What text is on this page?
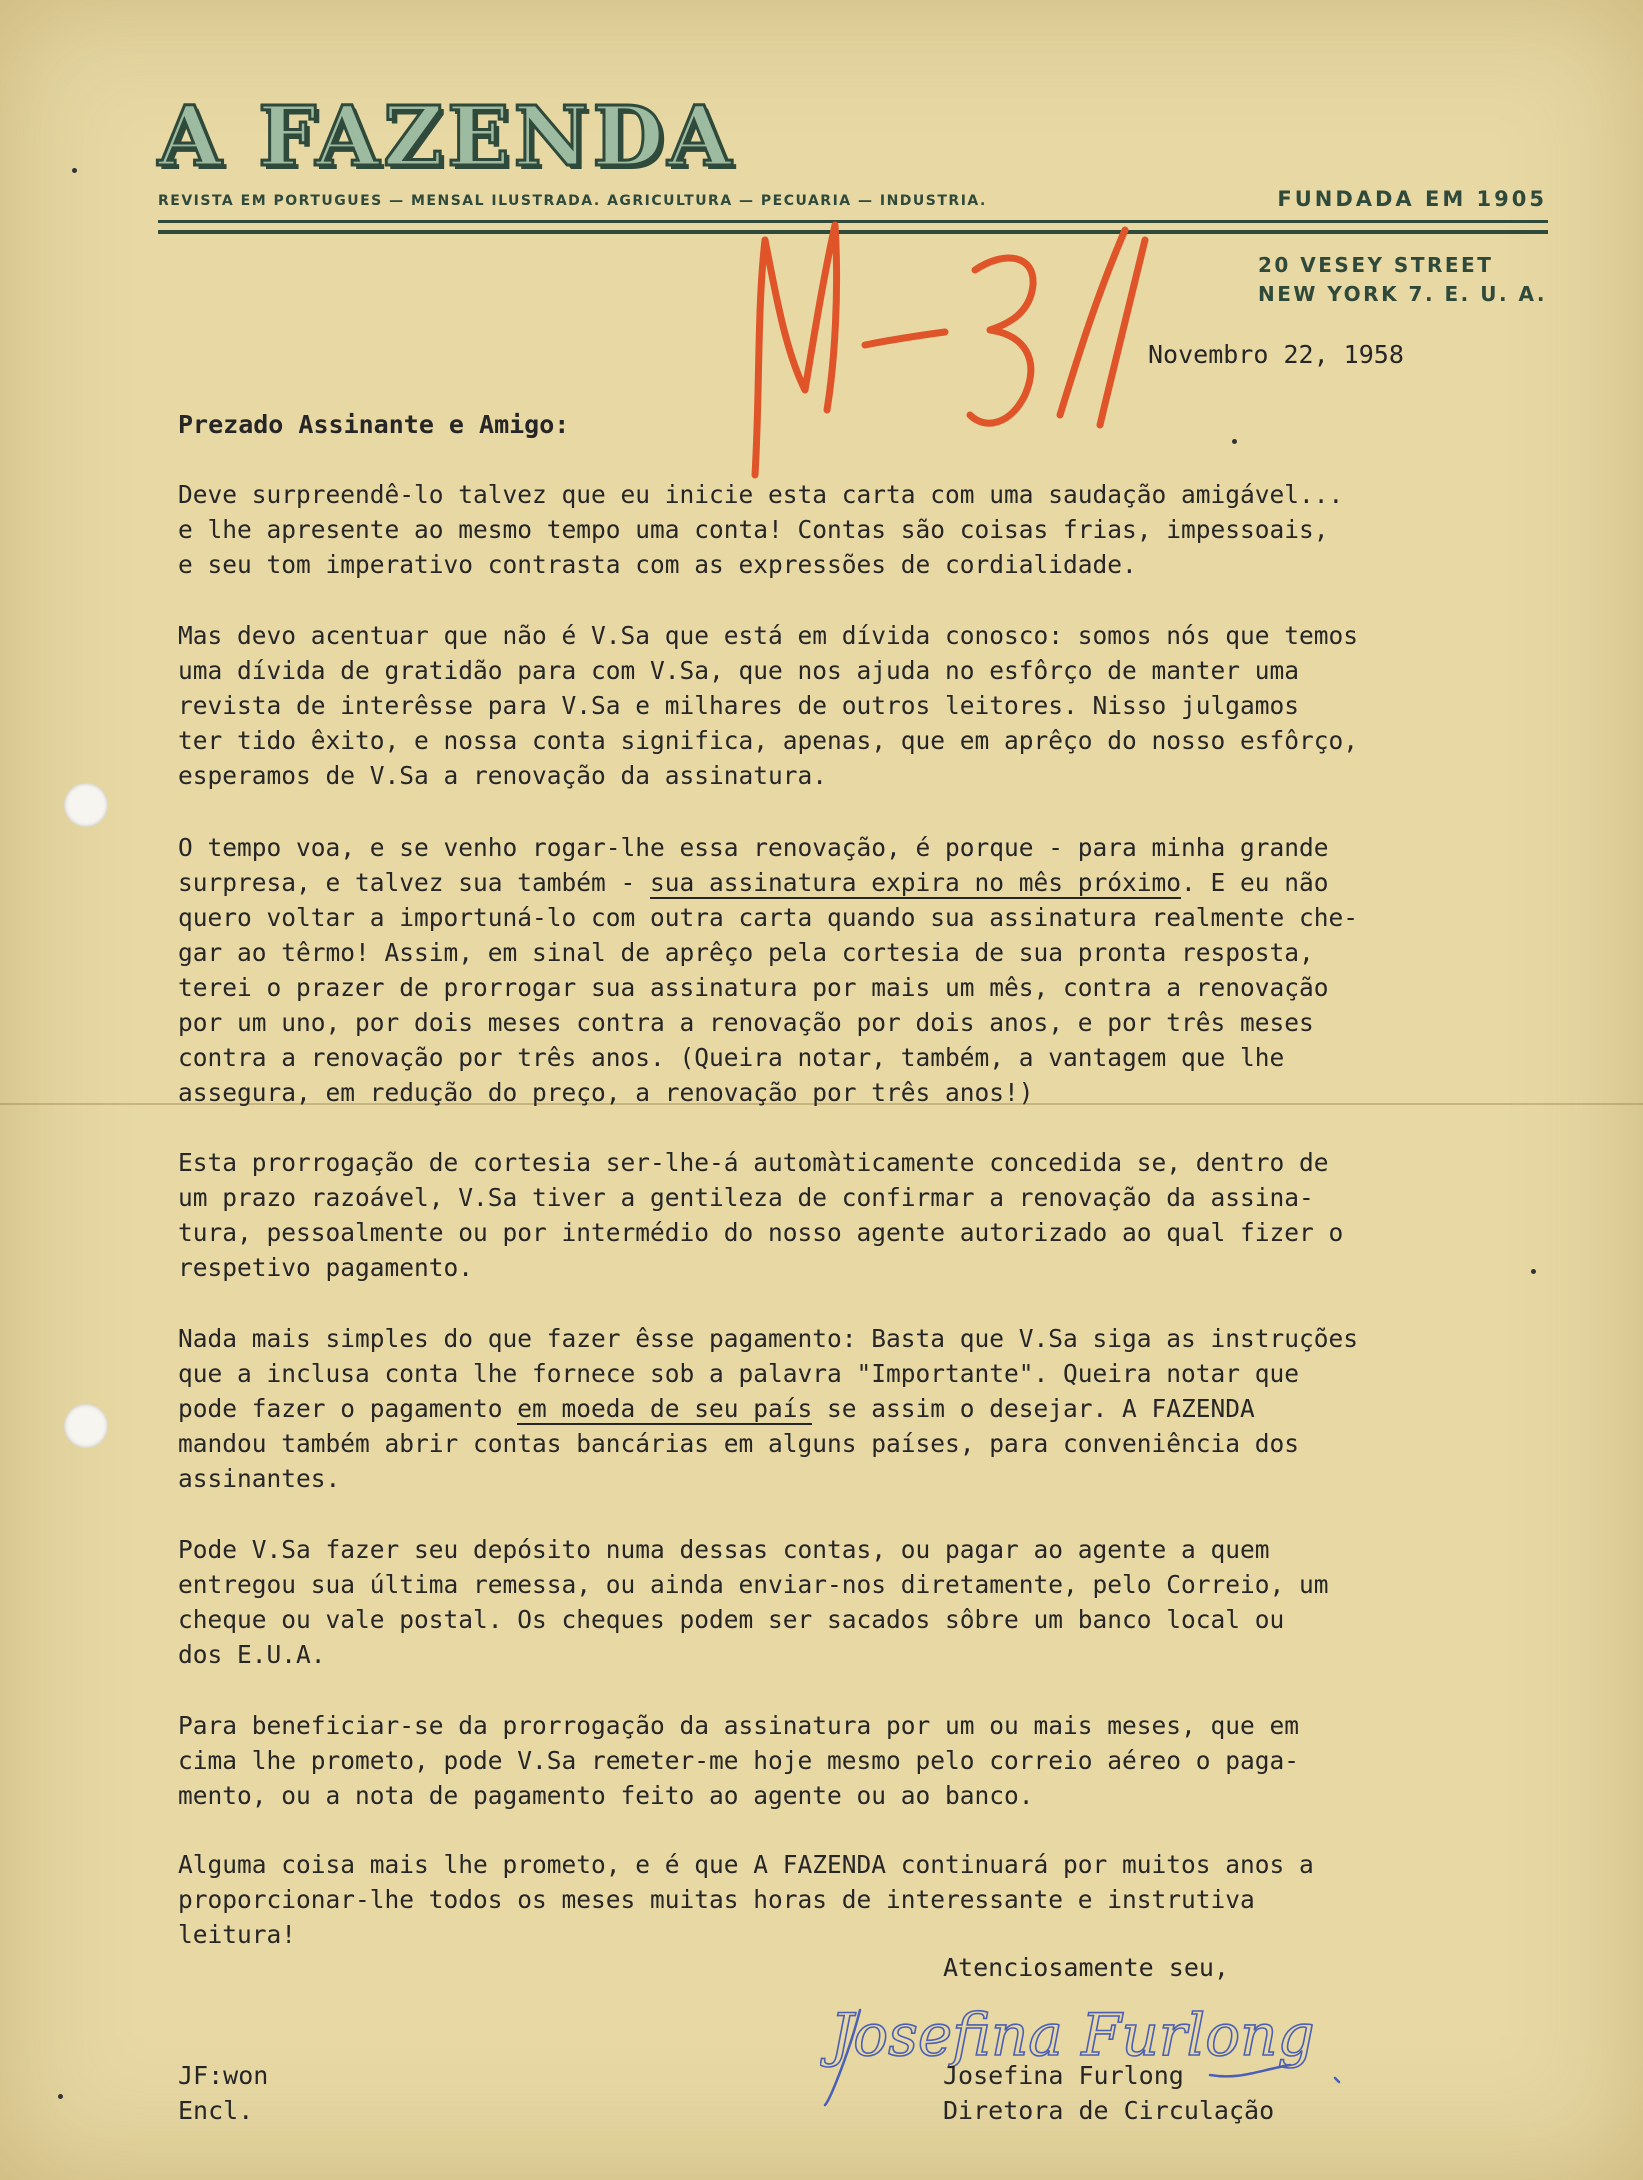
A FAZENDA
REVISTA EM PORTUGUES — MENSAL ILUSTRADA. AGRICULTURA — PECUARIA — INDUSTRIA.	FUNDADA EM 1905
20 VESEY STREET
NEW YORK 7. E. U. A.
M-3/1
Novembro 22, 1958
Prezado Assinante e Amigo:
Deve surpreendê-lo talvez que eu inicie esta carta com uma saudação amigável...
e lhe apresente ao mesmo tempo uma conta! Contas são coisas frias, impessoais,
e seu tom imperativo contrasta com as expressões de cordialidade.
Mas devo acentuar que não é V.Sa que está em dívida conosco: somos nós que temos
uma dívida de gratidão para com V.Sa, que nos ajuda no esfôrço de manter uma
revista de interêsse para V.Sa e milhares de outros leitores. Nisso julgamos
ter tido êxito, e nossa conta significa, apenas, que em aprêço do nosso esfôrço,
esperamos de V.Sa a renovação da assinatura.
O tempo voa, e se venho rogar-lhe essa renovação, é porque - para minha grande
surpresa, e talvez sua também - sua assinatura expira no mês próximo. E eu não
quero voltar a importuná-lo com outra carta quando sua assinatura realmente che-
gar ao têrmo! Assim, em sinal de aprêço pela cortesia de sua pronta resposta,
terei o prazer de prorrogar sua assinatura por mais um mês, contra a renovação
por um uno, por dois meses contra a renovação por dois anos, e por três meses
contra a renovação por três anos. (Queira notar, também, a vantagem que lhe
assegura, em redução do preço, a renovação por três anos!)
Esta prorrogação de cortesia ser-lhe-á automàticamente concedida se, dentro de
um prazo razoável, V.Sa tiver a gentileza de confirmar a renovação da assina-
tura, pessoalmente ou por intermédio do nosso agente autorizado ao qual fizer o
respetivo pagamento.
Nada mais simples do que fazer êsse pagamento: Basta que V.Sa siga as instruções
que a inclusa conta lhe fornece sob a palavra "Importante". Queira notar que
pode fazer o pagamento em moeda de seu país se assim o desejar. A FAZENDA
mandou também abrir contas bancárias em alguns países, para conveniência dos
assinantes.
Pode V.Sa fazer seu depósito numa dessas contas, ou pagar ao agente a quem
entregou sua última remessa, ou ainda enviar-nos diretamente, pelo Correio, um
cheque ou vale postal. Os cheques podem ser sacados sôbre um banco local ou
dos E.U.A.
Para beneficiar-se da prorrogação da assinatura por um ou mais meses, que em
cima lhe prometo, pode V.Sa remeter-me hoje mesmo pelo correio aéreo o paga-
mento, ou a nota de pagamento feito ao agente ou ao banco.
Alguma coisa mais lhe prometo, e é que A FAZENDA continuará por muitos anos a
proporcionar-lhe todos os meses muitas horas de interessante e instrutiva
leitura!
Atenciosamente seu,
Josefina Furlong
Josefina Furlong
Diretora de Circulação
JF:won
Encl.
